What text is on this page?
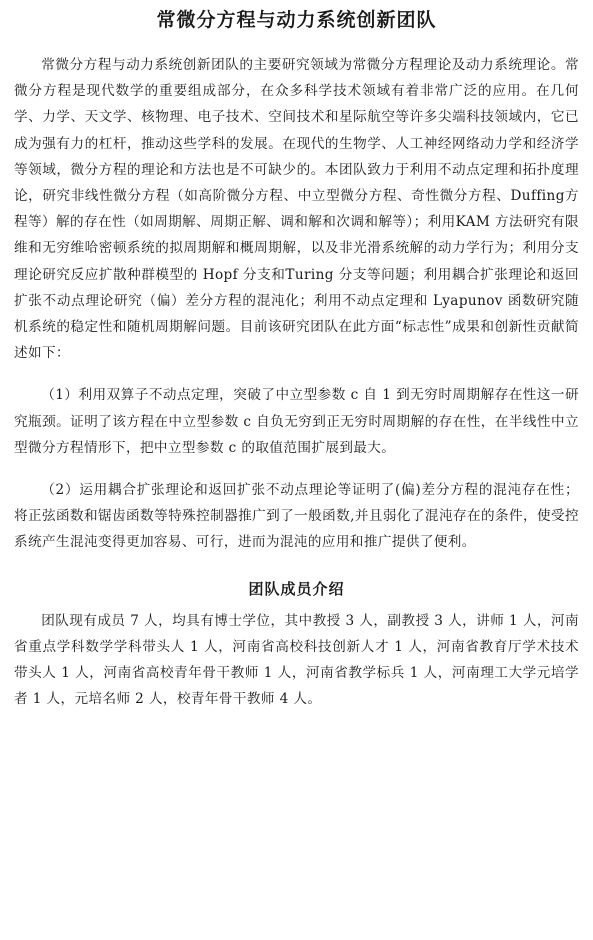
常微分方程与动力系统创新团队

常微分方程与动力系统创新团队的主要研究领域为常微分方程理论及动力系统理论。常微分方程是现代数学的重要组成部分，在众多科学技术领域有着非常广泛的应用。在几何学、力学、天文学、核物理、电子技术、空间技术和星际航空等许多尖端科技领域内，它已成为强有力的杠杆，推动这些学科的发展。在现代的生物学、人工神经网络动力学和经济学等领域，微分方程的理论和方法也是不可缺少的。本团队致力于利用不动点定理和拓扑度理论，研究非线性微分方程（如高阶微分方程、中立型微分方程、奇性微分方程、Duffing方程等）解的存在性（如周期解、周期正解、调和解和次调和解等）；利用KAM 方法研究有限维和无穷维哈密顿系统的拟周期解和概周期解，以及非光滑系统解的动力学行为；利用分支理论研究反应扩散种群模型的 Hopf 分支和Turing 分支等问题；利用耦合扩张理论和返回扩张不动点理论研究（偏）差分方程的混沌化；利用不动点定理和 Lyapunov 函数研究随机系统的稳定性和随机周期解问题。目前该研究团队在此方面“标志性”成果和创新性贡献简述如下：

（1）利用双算子不动点定理，突破了中立型参数 c 自 1 到无穷时周期解存在性这一研究瓶颈。证明了该方程在中立型参数 c 自负无穷到正无穷时周期解的存在性，在半线性中立型微分方程情形下，把中立型参数 c 的取值范围扩展到最大。

（2）运用耦合扩张理论和返回扩张不动点理论等证明了(偏)差分方程的混沌存在性；将正弦函数和锯齿函数等特殊控制器推广到了一般函数,并且弱化了混沌存在的条件，使受控系统产生混沌变得更加容易、可行，进而为混沌的应用和推广提供了便利。

团队成员介绍

团队现有成员 7 人，均具有博士学位，其中教授 3 人，副教授 3 人，讲师 1 人，河南省重点学科数学学科带头人 1 人，河南省高校科技创新人才 1 人，河南省教育厅学术技术带头人 1 人，河南省高校青年骨干教师 1 人，河南省教学标兵 1 人，河南理工大学元培学者 1 人，元培名师 2 人，校青年骨干教师 4 人。
